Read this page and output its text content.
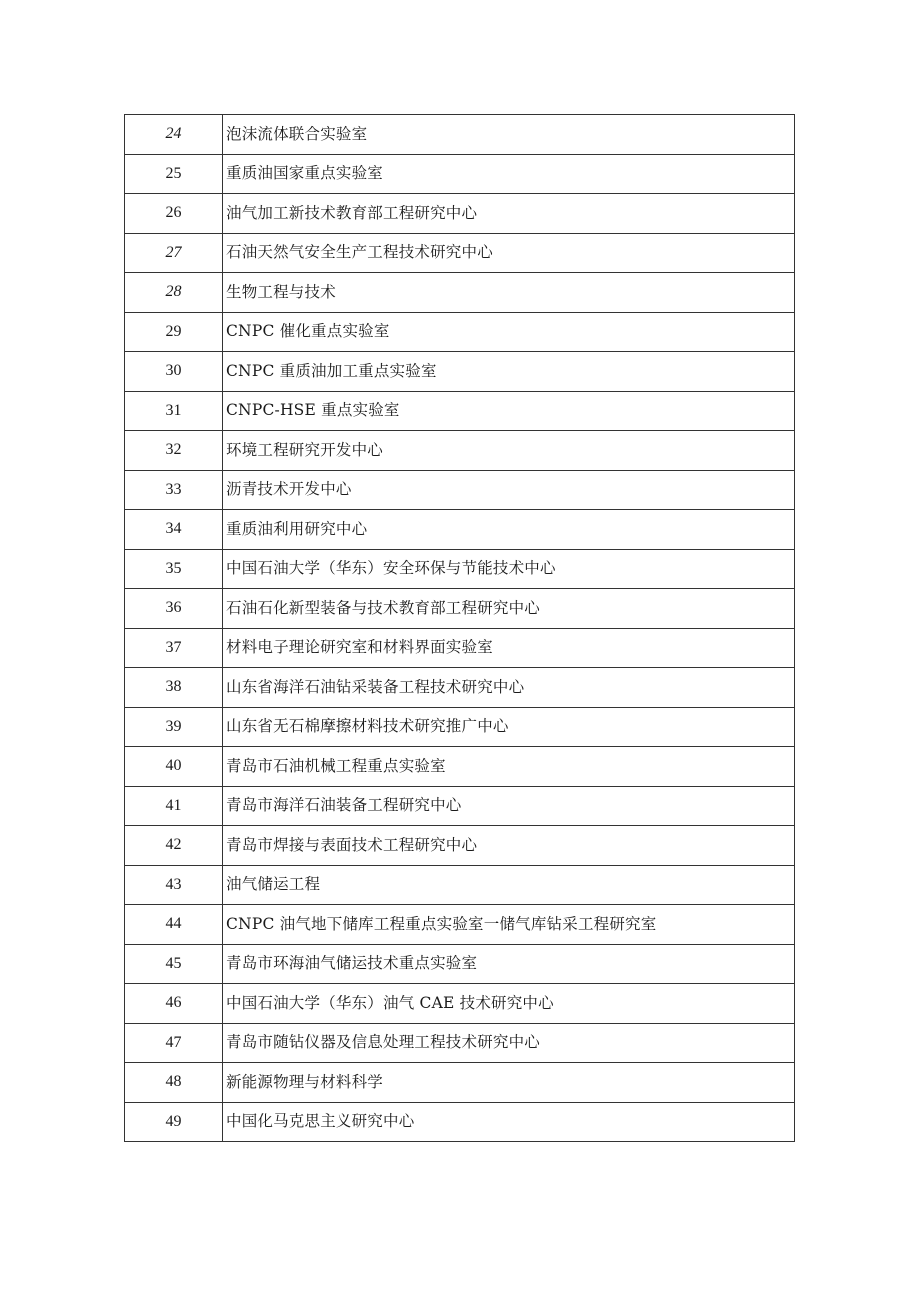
24	泡沫流体联合实验室
25	重质油国家重点实验室
26	油气加工新技术教育部工程研究中心
27	石油天然气安全生产工程技术研究中心
28	生物工程与技术
29	CNPC 催化重点实验室
30	CNPC 重质油加工重点实验室
31	CNPC-HSE 重点实验室
32	环境工程研究开发中心
33	沥青技术开发中心
34	重质油利用研究中心
35	中国石油大学（华东）安全环保与节能技术中心
36	石油石化新型装备与技术教育部工程研究中心
37	材料电子理论研究室和材料界面实验室
38	山东省海洋石油钻采装备工程技术研究中心
39	山东省无石棉摩擦材料技术研究推广中心
40	青岛市石油机械工程重点实验室
41	青岛市海洋石油装备工程研究中心
42	青岛市焊接与表面技术工程研究中心
43	油气储运工程
44	CNPC 油气地下储库工程重点实验室一储气库钻采工程研究室
45	青岛市环海油气储运技术重点实验室
46	中国石油大学（华东）油气 CAE 技术研究中心
47	青岛市随钻仪器及信息处理工程技术研究中心
48	新能源物理与材料科学
49	中国化马克思主义研究中心
